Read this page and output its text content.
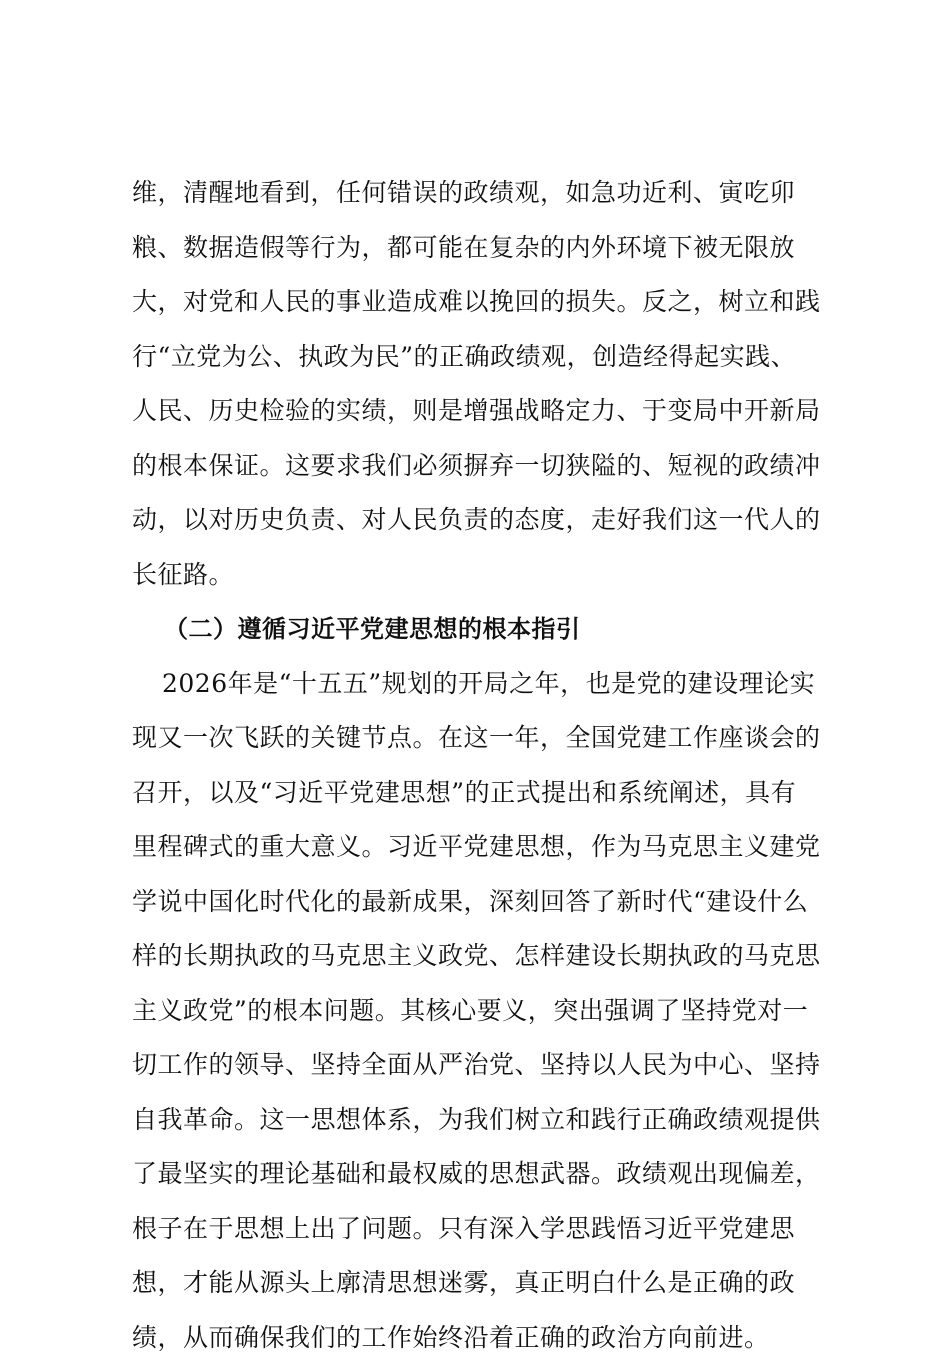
维，清醒地看到，任何错误的政绩观，如急功近利、寅吃卯
粮、数据造假等行为，都可能在复杂的内外环境下被无限放
大，对党和人民的事业造成难以挽回的损失。反之，树立和践
行“立党为公、执政为民”的正确政绩观，创造经得起实践、
人民、历史检验的实绩，则是增强战略定力、于变局中开新局
的根本保证。这要求我们必须摒弃一切狭隘的、短视的政绩冲
动，以对历史负责、对人民负责的态度，走好我们这一代人的
长征路。
（二）遵循习近平党建思想的根本指引
2026年是“十五五”规划的开局之年，也是党的建设理论实
现又一次飞跃的关键节点。在这一年，全国党建工作座谈会的
召开，以及“习近平党建思想”的正式提出和系统阐述，具有
里程碑式的重大意义。习近平党建思想，作为马克思主义建党
学说中国化时代化的最新成果，深刻回答了新时代“建设什么
样的长期执政的马克思主义政党、怎样建设长期执政的马克思
主义政党”的根本问题。其核心要义，突出强调了坚持党对一
切工作的领导、坚持全面从严治党、坚持以人民为中心、坚持
自我革命。这一思想体系，为我们树立和践行正确政绩观提供
了最坚实的理论基础和最权威的思想武器。政绩观出现偏差，
根子在于思想上出了问题。只有深入学思践悟习近平党建思
想，才能从源头上廓清思想迷雾，真正明白什么是正确的政
绩，从而确保我们的工作始终沿着正确的政治方向前进。
